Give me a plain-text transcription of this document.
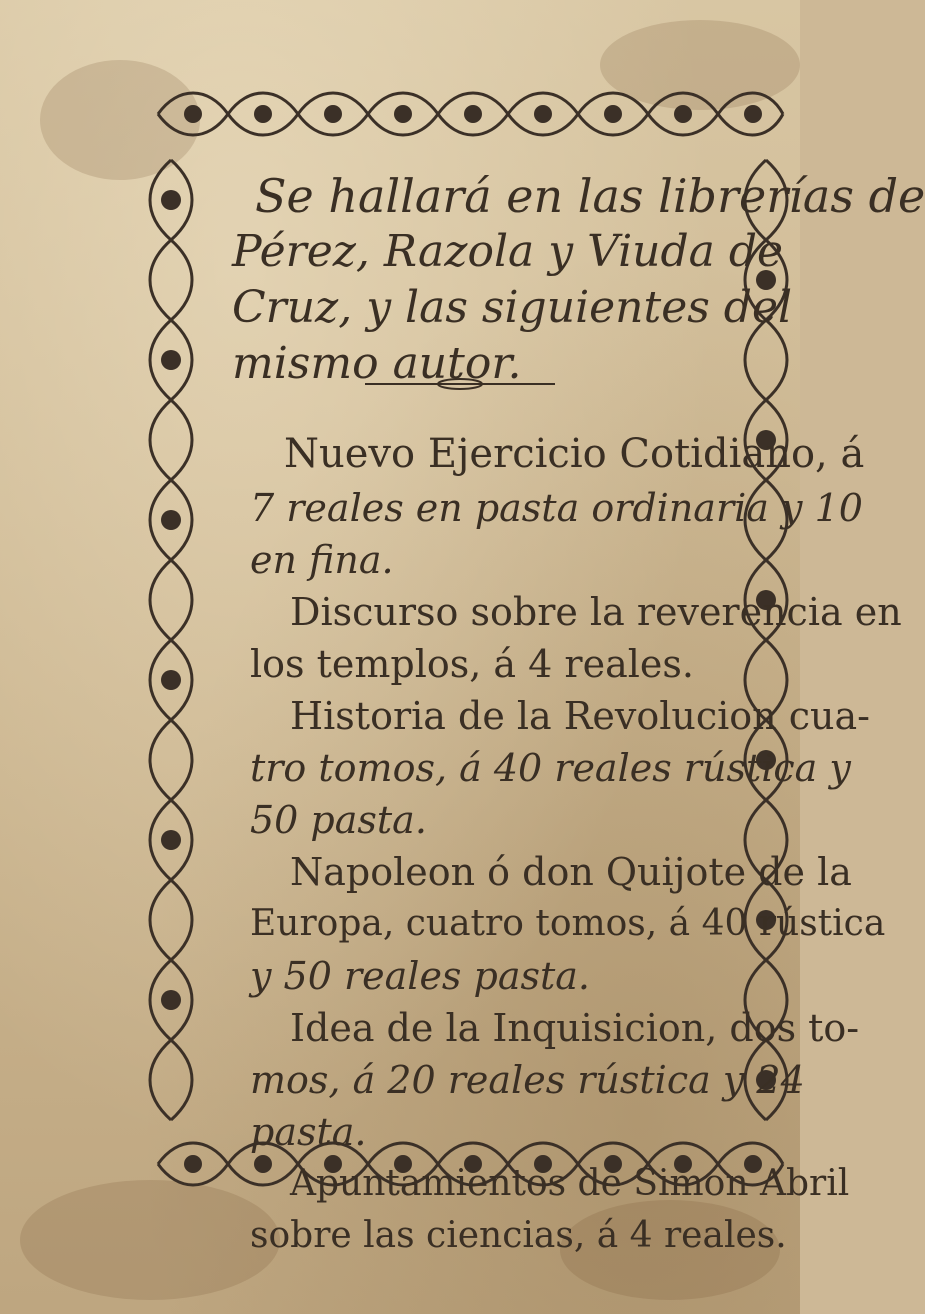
Se hallará en las librerías de
Pérez, Razola y Viuda de
Cruz, y las siguientes del
mismo autor.
Nuevo Ejercicio Cotidiano, á
7 reales en pasta ordinaria y 10
en fina.
Discurso sobre la reverencia en
los templos, á 4 reales.
Historia de la Revolucion cua-
tro tomos, á 40 reales rústica y
50 pasta.
Napoleon ó don Quijote de la
Europa, cuatro tomos, á 40 rústica
y 50 reales pasta.
Idea de la Inquisicion, dos to-
mos, á 20 reales rústica y 24
pasta.
Apuntamientos de Simon Abril
sobre las ciencias, á 4 reales.
